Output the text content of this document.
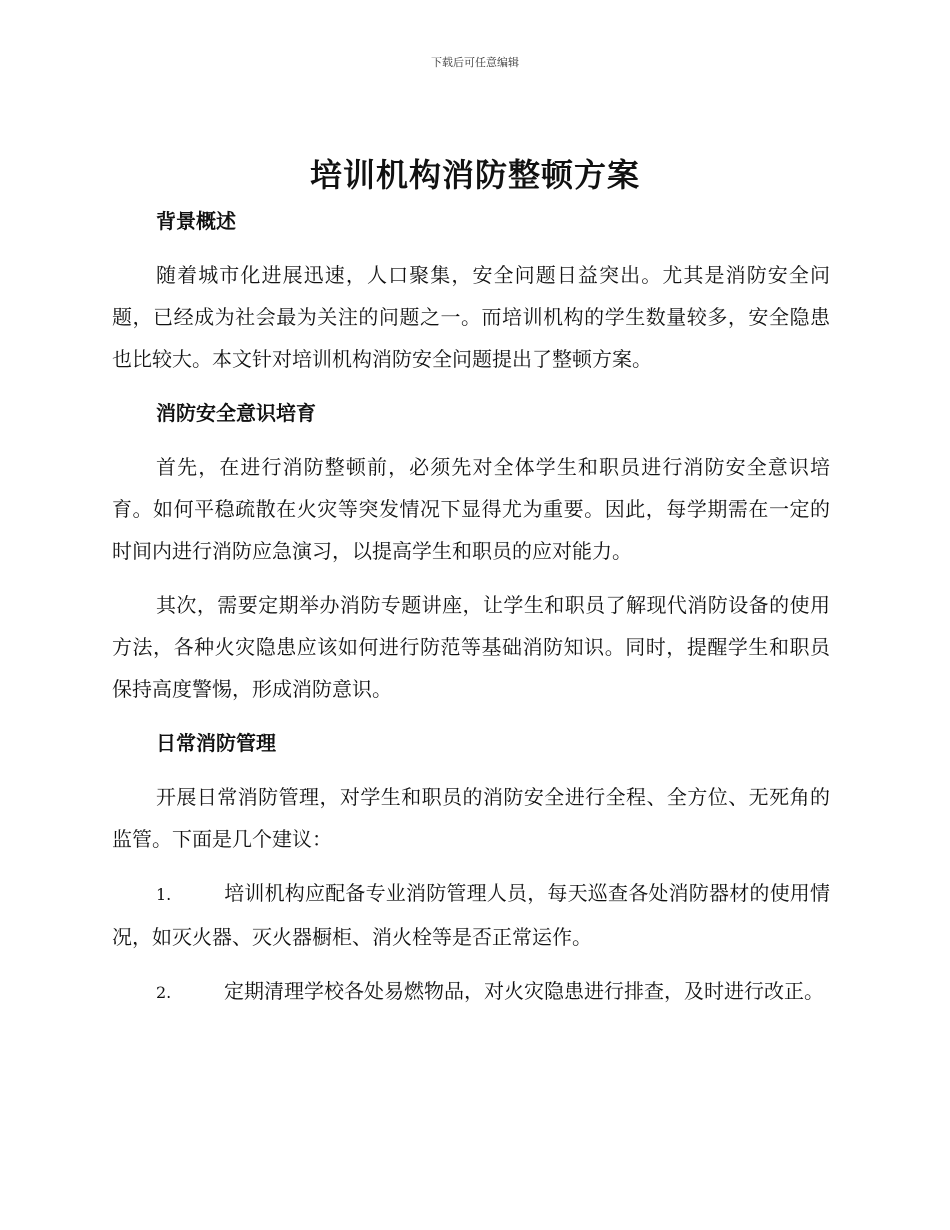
下载后可任意编辑
培训机构消防整顿方案
背景概述

随着城市化进展迅速，人口聚集，安全问题日益突出。尤其是消防安全问题，已经成为社会最为关注的问题之一。而培训机构的学生数量较多，安全隐患也比较大。本文针对培训机构消防安全问题提出了整顿方案。

消防安全意识培育

首先，在进行消防整顿前，必须先对全体学生和职员进行消防安全意识培育。如何平稳疏散在火灾等突发情况下显得尤为重要。因此，每学期需在一定的时间内进行消防应急演习，以提高学生和职员的应对能力。

其次，需要定期举办消防专题讲座，让学生和职员了解现代消防设备的使用方法，各种火灾隐患应该如何进行防范等基础消防知识。同时，提醒学生和职员保持高度警惕，形成消防意识。

日常消防管理

开展日常消防管理，对学生和职员的消防安全进行全程、全方位、无死角的监管。下面是几个建议：

1.	培训机构应配备专业消防管理人员，每天巡查各处消防器材的使用情况，如灭火器、灭火器橱柜、消火栓等是否正常运作。

2.	定期清理学校各处易燃物品，对火灾隐患进行排查，及时进行改正。
